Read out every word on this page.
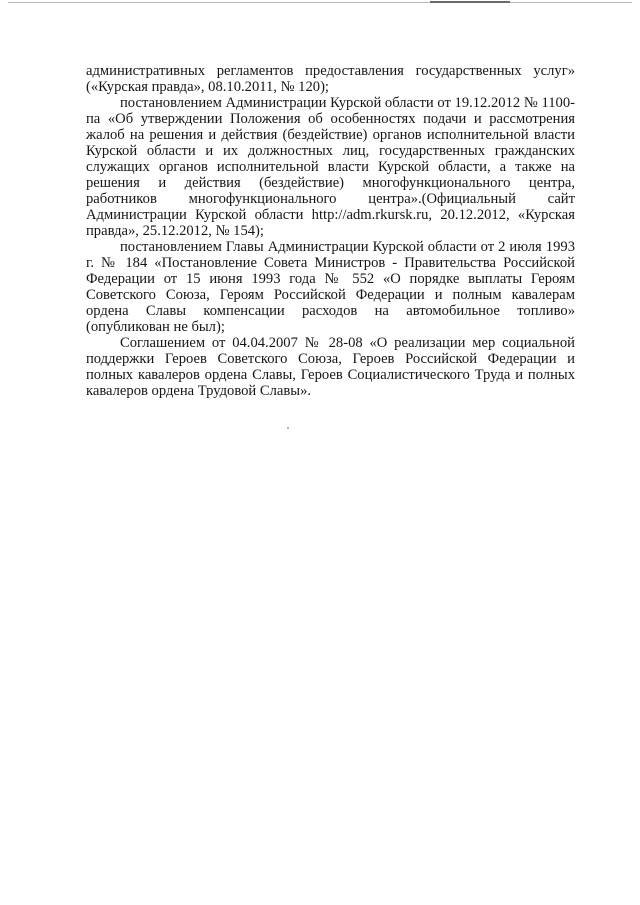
административных регламентов предоставления государственных услуг» («Курская правда», 08.10.2011, № 120);

постановлением Администрации Курской области от 19.12.2012 № 1100-па «Об утверждении Положения об особенностях подачи и рассмотрения жалоб на решения и действия (бездействие) органов исполнительной власти Курской области и их должностных лиц, государственных гражданских служащих органов исполнительной власти Курской области, а также на решения и действия (бездействие) многофункционального центра, работников многофункционального центра».(Официальный сайт Администрации Курской области http://adm.rkursk.ru, 20.12.2012, «Курская правда», 25.12.2012, № 154);

постановлением Главы Администрации Курской области от 2 июля 1993 г. № 184 «Постановление Совета Министров - Правительства Российской Федерации от 15 июня 1993 года № 552 «О порядке выплаты Героям Советского Союза, Героям Российской Федерации и полным кавалерам ордена Славы компенсации расходов на автомобильное топливо» (опубликован не был);

Соглашением от 04.04.2007 № 28-08 «О реализации мер социальной поддержки Героев Советского Союза, Героев Российской Федерации и полных кавалеров ордена Славы, Героев Социалистического Труда и полных кавалеров ордена Трудовой Славы».
